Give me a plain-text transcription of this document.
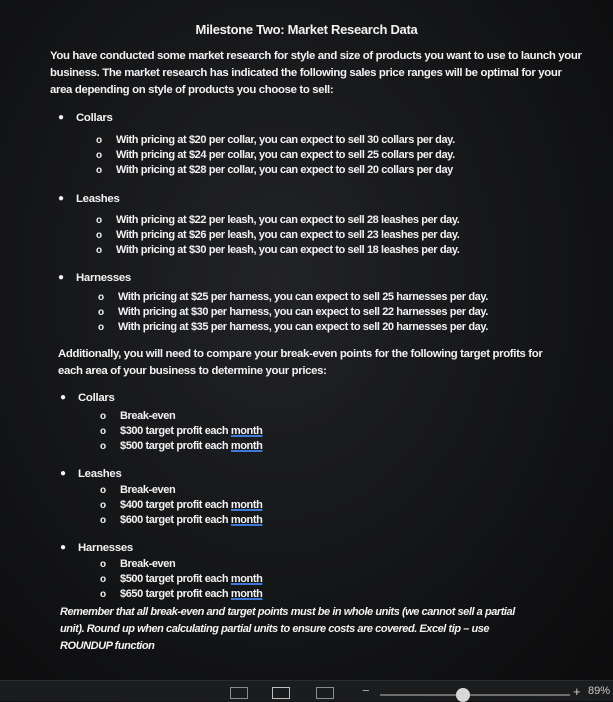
Milestone Two: Market Research Data
You have conducted some market research for style and size of products you want to use to launch your business. The market research has indicated the following sales price ranges will be optimal for your area depending on style of products you choose to sell:
● Collars
o With pricing at $20 per collar, you can expect to sell 30 collars per day.
o With pricing at $24 per collar, you can expect to sell 25 collars per day.
o With pricing at $28 per collar, you can expect to sell 20 collars per day
● Leashes
o With pricing at $22 per leash, you can expect to sell 28 leashes per day.
o With pricing at $26 per leash, you can expect to sell 23 leashes per day.
o With pricing at $30 per leash, you can expect to sell 18 leashes per day.
● Harnesses
o With pricing at $25 per harness, you can expect to sell 25 harnesses per day.
o With pricing at $30 per harness, you can expect to sell 22 harnesses per day.
o With pricing at $35 per harness, you can expect to sell 20 harnesses per day.
Additionally, you will need to compare your break-even points for the following target profits for each area of your business to determine your prices:
● Collars
o Break-even
o $300 target profit each month
o $500 target profit each month
● Leashes
o Break-even
o $400 target profit each month
o $600 target profit each month
● Harnesses
o Break-even
o $500 target profit each month
o $650 target profit each month
Remember that all break-even and target points must be in whole units (we cannot sell a partial unit). Round up when calculating partial units to ensure costs are covered. Excel tip – use ROUNDUP function
−	+ 89%
